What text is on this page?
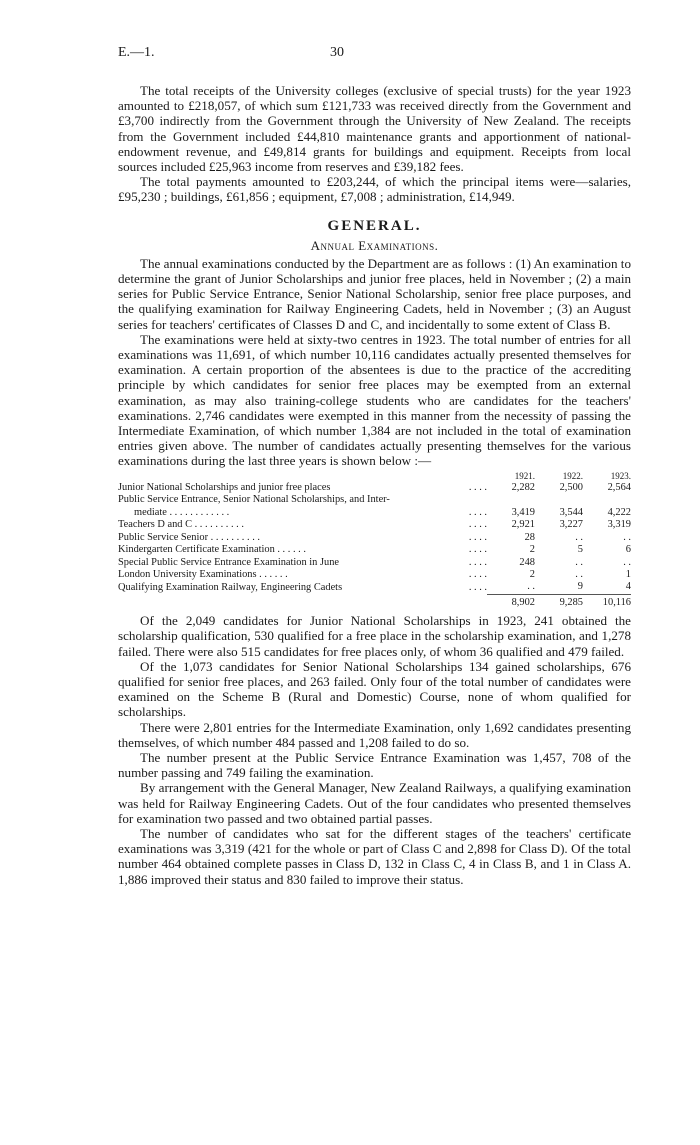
E.—1.	30

The total receipts of the University colleges (exclusive of special trusts) for the year 1923 amounted to £218,057, of which sum £121,733 was received directly from the Government and £3,700 indirectly from the Government through the University of New Zealand. The receipts from the Government included £44,810 maintenance grants and apportionment of national-endowment revenue, and £49,814 grants for buildings and equipment. Receipts from local sources included £25,963 income from reserves and £39,182 fees.

The total payments amounted to £203,244, of which the principal items were—salaries, £95,230 ; buildings, £61,856 ; equipment, £7,008 ; administration, £14,949.

GENERAL.
Annual Examinations.

The annual examinations conducted by the Department are as follows : (1) An examination to determine the grant of Junior Scholarships and junior free places, held in November ; (2) a main series for Public Service Entrance, Senior National Scholarship, senior free place purposes, and the qualifying examination for Railway Engineering Cadets, held in November ; (3) an August series for teachers' certificates of Classes D and C, and incidentally to some extent of Class B.

The examinations were held at sixty-two centres in 1923. The total number of entries for all examinations was 11,691, of which number 10,116 candidates actually presented themselves for examination. A certain proportion of the absentees is due to the practice of the accrediting principle by which candidates for senior free places may be exempted from an external examination, as may also training-college students who are candidates for the teachers' examinations. 2,746 candidates were exempted in this manner from the necessity of passing the Intermediate Examination, of which number 1,384 are not included in the total of examination entries given above. The number of candidates actually presenting themselves for the various examinations during the last three years is shown below :—

		1921.	1922.	1923.
Junior National Scholarships and junior free places	. . . .	2,282	2,500	2,564
Public Service Entrance, Senior National Scholarships, and Inter-				
mediate . . . . . . . . . . . .	. . . .	3,419	3,544	4,222
Teachers D and C . . . . . . . . . .	. . . .	2,921	3,227	3,319
Public Service Senior . . . . . . . . . .	. . . .	28	. .	. .
Kindergarten Certificate Examination . . . . . .	. . . .	2	5	6
Special Public Service Entrance Examination in June	. . . .	248	. .	. .
London University Examinations . . . . . .	. . . .	2	. .	1
Qualifying Examination Railway, Engineering Cadets	. . . .	. .	9	4
		8,902	9,285	10,116

Of the 2,049 candidates for Junior National Scholarships in 1923, 241 obtained the scholarship qualification, 530 qualified for a free place in the scholarship examination, and 1,278 failed. There were also 515 candidates for free places only, of whom 36 qualified and 479 failed.

Of the 1,073 candidates for Senior National Scholarships 134 gained scholarships, 676 qualified for senior free places, and 263 failed. Only four of the total number of candidates were examined on the Scheme B (Rural and Domestic) Course, none of whom qualified for scholarships.

There were 2,801 entries for the Intermediate Examination, only 1,692 candidates presenting themselves, of which number 484 passed and 1,208 failed to do so.

The number present at the Public Service Entrance Examination was 1,457, 708 of the number passing and 749 failing the examination.

By arrangement with the General Manager, New Zealand Railways, a qualifying examination was held for Railway Engineering Cadets. Out of the four candidates who presented themselves for examination two passed and two obtained partial passes.

The number of candidates who sat for the different stages of the teachers' certificate examinations was 3,319 (421 for the whole or part of Class C and 2,898 for Class D). Of the total number 464 obtained complete passes in Class D, 132 in Class C, 4 in Class B, and 1 in Class A. 1,886 improved their status and 830 failed to improve their status.
